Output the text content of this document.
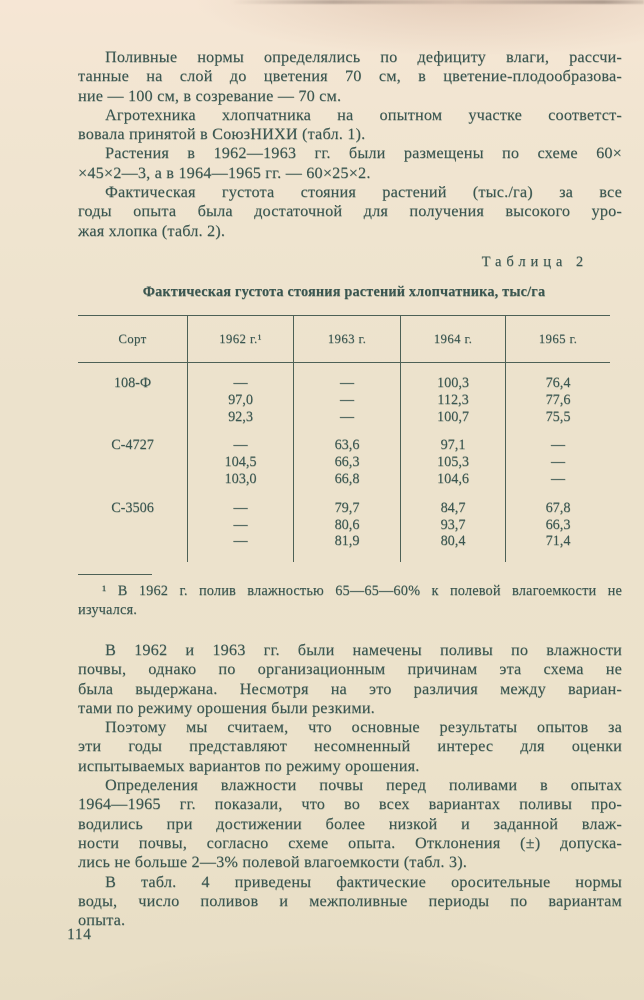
Поливные нормы определялись по дефициту влаги, рассчи-
танные на слой до цветения 70 см, в цветение-плодообразова-
ние — 100 см, в созревание — 70 см.
Агротехника хлопчатника на опытном участке соответст-
вовала принятой в СоюзНИХИ (табл. 1).
Растения в 1962—1963 гг. были размещены по схеме 60×
×45×2—3, а в 1964—1965 гг. — 60×25×2.
Фактическая густота стояния растений (тыс./га) за все
годы опыта была достаточной для получения высокого уро-
жая хлопка (табл. 2).
Таблица 2
Фактическая густота стояния растений хлопчатника, тыс/га
Сорт
108-Ф
С-4727
С-3506
1962 г.¹
—
97,0
92,3
—
104,5
103,0
—
—
—
1963 г.
—
—
—
63,6
66,3
66,8
79,7
80,6
81,9
1964 г.
100,3
112,3
100,7
97,1
105,3
104,6
84,7
93,7
80,4
1965 г.
76,4
77,6
75,5
—
—
—
67,8
66,3
71,4
¹ В 1962 г. полив влажностью 65—65—60% к полевой влагоемкости не
изучался.
В 1962 и 1963 гг. были намечены поливы по влажности
почвы, однако по организационным причинам эта схема не
была выдержана. Несмотря на это различия между вариан-
тами по режиму орошения были резкими.
Поэтому мы считаем, что основные результаты опытов за
эти годы представляют несомненный интерес для оценки
испытываемых вариантов по режиму орошения.
Определения влажности почвы перед поливами в опытах
1964—1965 гг. показали, что во всех вариантах поливы про-
водились при достижении более низкой и заданной влаж-
ности почвы, согласно схеме опыта. Отклонения (±) допуска-
лись не больше 2—3% полевой влагоемкости (табл. 3).
В табл. 4 приведены фактические оросительные нормы
воды, число поливов и межполивные периоды по вариантам
опыта.
114
